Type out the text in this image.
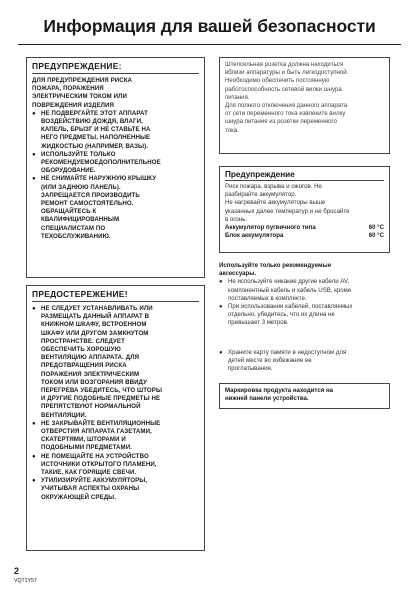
Информация для вашей безопасности
ПРЕДУПРЕЖДЕНИЕ:
ДЛЯ ПРЕДУПРЕЖДЕНИЯ РИСКА
ПОЖАРА, ПОРАЖЕНИЯ
ЭЛЕКТРИЧЕСКИМ ТОКОМ ИЛИ
ПОВРЕЖДЕНИЯ ИЗДЕЛИЯ
● НЕ ПОДВЕРГАЙТЕ ЭТОТ АППАРАТ
ВОЗДЕЙСТВИЮ ДОЖДЯ, ВЛАГИ,
КАПЕЛЬ, БРЫЗГ И НЕ СТАВЬТЕ НА
НЕГО ПРЕДМЕТЫ, НАПОЛНЕННЫЕ
ЖИДКОСТЬЮ (НАПРИМЕР, ВАЗЫ).
● ИСПОЛЬЗУЙТЕ ТОЛЬКО
РЕКОМЕНДУЕМОЕДОПОЛНИТЕЛЬНОЕ
ОБОРУДОВАНИЕ.
● НЕ СНИМАЙТЕ НАРУЖНУЮ КРЫШКУ
(ИЛИ ЗАДНЮЮ ПАНЕЛЬ).
ЗАПРЕЩАЕТСЯ ПРОИЗВОДИТЬ
РЕМОНТ САМОСТОЯТЕЛЬНО.
ОБРАЩАЙТЕСЬ К
КВАЛИФИЦИРОВАННЫМ
СПЕЦИАЛИСТАМ ПО
ТЕХОБСЛУЖИВАНИЮ.
ПРЕДОСТЕРЕЖЕНИЕ!
● НЕ СЛЕДУЕТ УСТАНАВЛИВАТЬ ИЛИ
РАЗМЕЩАТЬ ДАННЫЙ АППАРАТ В
КНИЖНОМ ШКАФУ, ВСТРОЕННОМ
ШКАФУ ИЛИ ДРУГОМ ЗАМКНУТОМ
ПРОСТРАНСТВЕ. СЛЕДУЕТ
ОБЕСПЕЧИТЬ ХОРОШУЮ
ВЕНТИЛЯЦИЮ АППАРАТА. ДЛЯ
ПРЕДОТВРАЩЕНИЯ РИСКА
ПОРАЖЕНИЯ ЭЛЕКТРИЧЕСКИМ
ТОКОМ ИЛИ ВОЗГОРАНИЯ ВВИДУ
ПЕРЕГРЕВА УБЕДИТЕСЬ, ЧТО ШТОРЫ
И ДРУГИЕ ПОДОБНЫЕ ПРЕДМЕТЫ НЕ
ПРЕПЯТСТВУЮТ НОРМАЛЬНОЙ
ВЕНТИЛЯЦИИ.
● НЕ ЗАКРЫВАЙТЕ ВЕНТИЛЯЦИОННЫЕ
ОТВЕРСТИЯ АППАРАТА ГАЗЕТАМИ,
СКАТЕРТЯМИ, ШТОРАМИ И
ПОДОБНЫМИ ПРЕДМЕТАМИ.
● НЕ ПОМЕЩАЙТЕ НА УСТРОЙСТВО
ИСТОЧНИКИ ОТКРЫТОГО ПЛАМЕНИ,
ТАКИЕ, КАК ГОРЯЩИЕ СВЕЧИ.
● УТИЛИЗИРУЙТЕ АККУМУЛЯТОРЫ,
УЧИТЫВАЯ АСПЕКТЫ ОХРАНЫ
ОКРУЖАЮЩЕЙ СРЕДЫ.
Штепсельная розетка должна находиться
вблизи аппаратуры и быть легкодоступной.
Необходимо обеспечить постоянную
работоспособность сетевой вилки шнура
питания.
Для полного отключения данного аппарата
от сети переменного тока извлеките вилку
шнура питания из розетки переменного
тока.
Предупреждение
Риск пожара, взрыва и ожогов. Не
разбирайте аккумулятор.
Не нагревайте аккумуляторы выше
указанных далее температур и не бросайте
в огонь.
Аккумулятор пугвичного типа	60 °C
Блок аккумулятора	60 °C
Используйте только рекомендуемые
аксессуары.
● Не используйте никакие другие кабели AV,
компонентный кабель и кабель USB, кроме
поставляемых в комплекте.
● При использовании кабелей, поставляемых
отдельно, убедитесь, что их длина не
превышает 3 метров.
● Храните карту памяти в недоступном для
детей месте во избежание ее
проглатывания.
Маркировка продукта находится на
нижней панели устройства.
2
VQT1Y57
